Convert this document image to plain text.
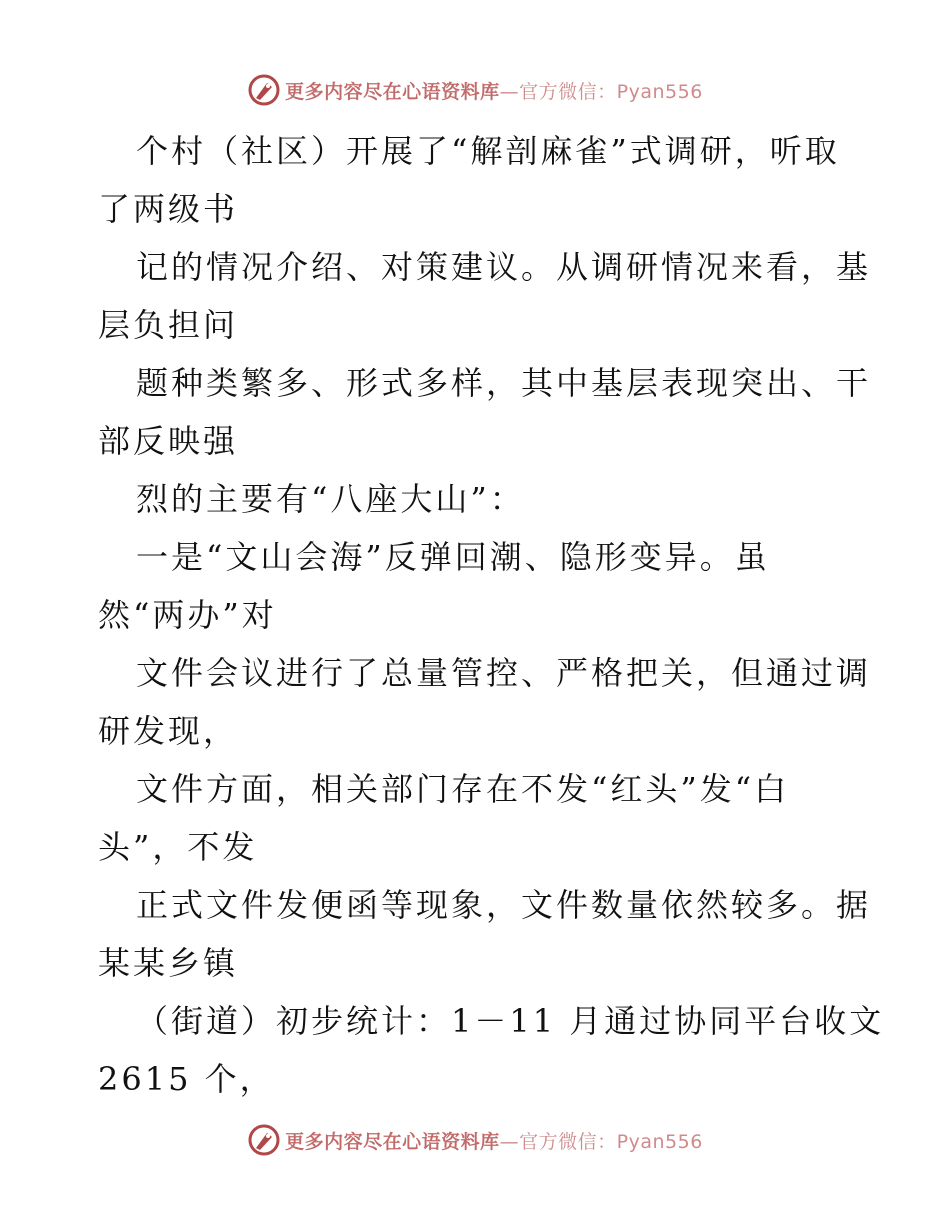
更多内容尽在心语资料库—官方微信：Pyan556
个村（社区）开展了“解剖麻雀”式调研，听取
了两级书
记的情况介绍、对策建议。从调研情况来看，基
层负担问
题种类繁多、形式多样，其中基层表现突出、干
部反映强
烈的主要有“八座大山”：
一是“文山会海”反弹回潮、隐形变异。虽
然“两办”对
文件会议进行了总量管控、严格把关，但通过调
研发现，
文件方面，相关部门存在不发“红头”发“白
头”，不发
正式文件发便函等现象，文件数量依然较多。据
某某乡镇
（街道）初步统计：1－11 月通过协同平台收文
2615 个，
更多内容尽在心语资料库—官方微信：Pyan556
